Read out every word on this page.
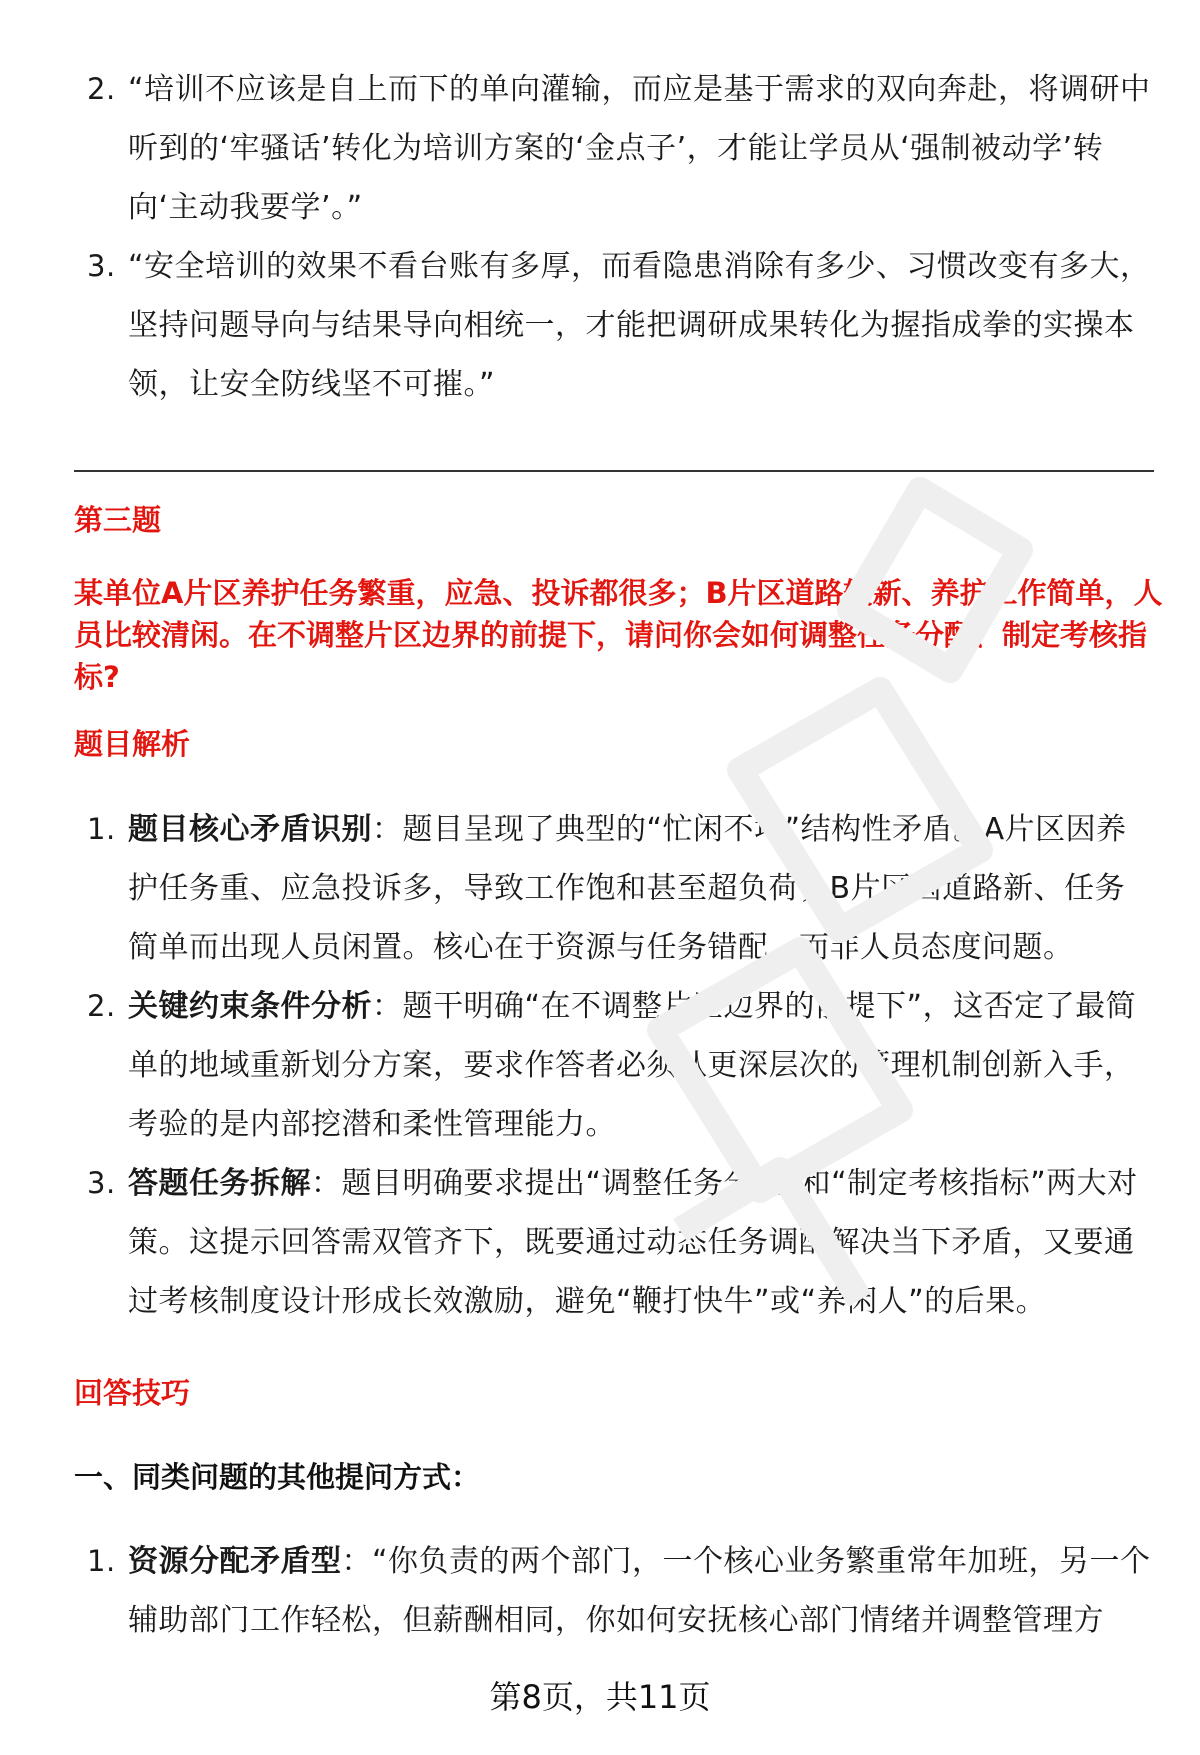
2. “培训不应该是自上而下的单向灌输，而应是基于需求的双向奔赴，将调研中听到的‘牢骚话’转化为培训方案的‘金点子’，才能让学员从‘强制被动学’转向‘主动我要学’。”
3. “安全培训的效果不看台账有多厚，而看隐患消除有多少、习惯改变有多大，坚持问题导向与结果导向相统一，才能把调研成果转化为握指成拳的实操本领，让安全防线坚不可摧。”
第三题
某单位A片区养护任务繁重，应急、投诉都很多；B片区道路较新、养护工作简单，人员比较清闲。在不调整片区边界的前提下，请问你会如何调整任务分配、制定考核指标?
题目解析
1. 题目核心矛盾识别：题目呈现了典型的“忙闲不均”结构性矛盾。A片区因养护任务重、应急投诉多，导致工作饱和甚至超负荷；B片区因道路新、任务简单而出现人员闲置。核心在于资源与任务错配，而非人员态度问题。
2. 关键约束条件分析：题干明确“在不调整片区边界的前提下”，这否定了最简单的地域重新划分方案，要求作答者必须从更深层次的管理机制创新入手，考验的是内部挖潜和柔性管理能力。
3. 答题任务拆解：题目明确要求提出“调整任务分配”和“制定考核指标”两大对策。这提示回答需双管齐下，既要通过动态任务调配解决当下矛盾，又要通过考核制度设计形成长效激励，避免“鞭打快牛”或“养闲人”的后果。
回答技巧
一、同类问题的其他提问方式：
1. 资源分配矛盾型：“你负责的两个部门，一个核心业务繁重常年加班，另一个辅助部门工作轻松，但薪酬相同，你如何安抚核心部门情绪并调整管理方
第8页，共11页
